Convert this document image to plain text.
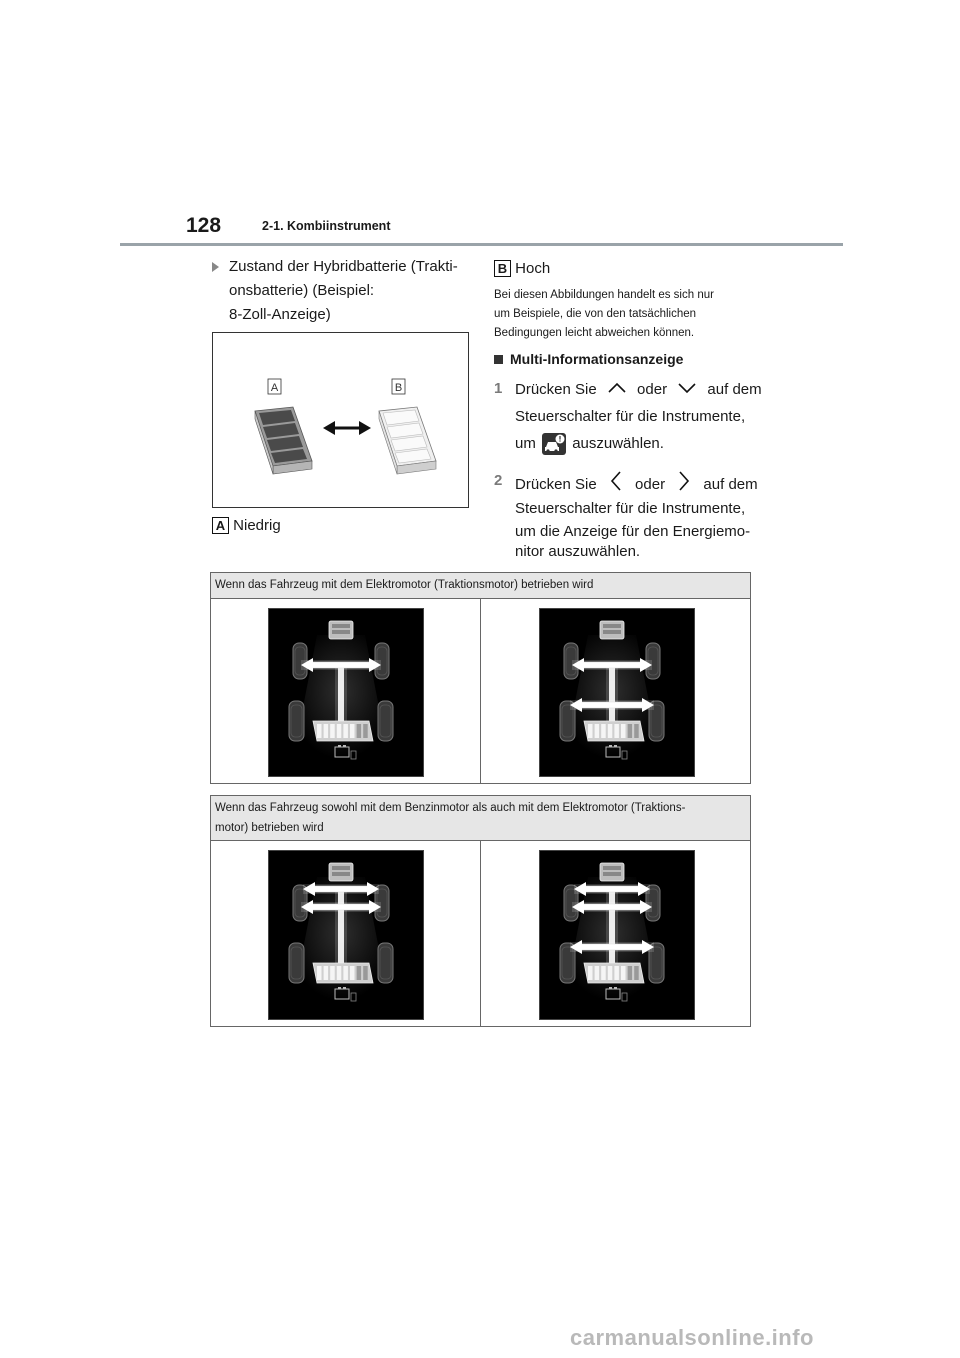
128	2-1. Kombiinstrument
Zustand der Hybridbatterie (Trakti-
onsbatterie) (Beispiel:
8-Zoll-Anzeige)
A	B
A Niedrig
B Hoch
Bei diesen Abbildungen handelt es sich nur
um Beispiele, die von den tatsächlichen
Bedingungen leicht abweichen können.
Multi-Informationsanzeige
1 Drücken Sie	oder	auf dem
Steuerschalter für die Instrumente,
um auszuwählen.
2 Drücken Sie	oder	auf dem
Steuerschalter für die Instrumente,
um die Anzeige für den Energiemo-
nitor auszuwählen.
Wenn das Fahrzeug mit dem Elektromotor (Traktionsmotor) betrieben wird
Wenn das Fahrzeug sowohl mit dem Benzinmotor als auch mit dem Elektromotor (Traktions-
motor) betrieben wird
carmanualsonline.info
